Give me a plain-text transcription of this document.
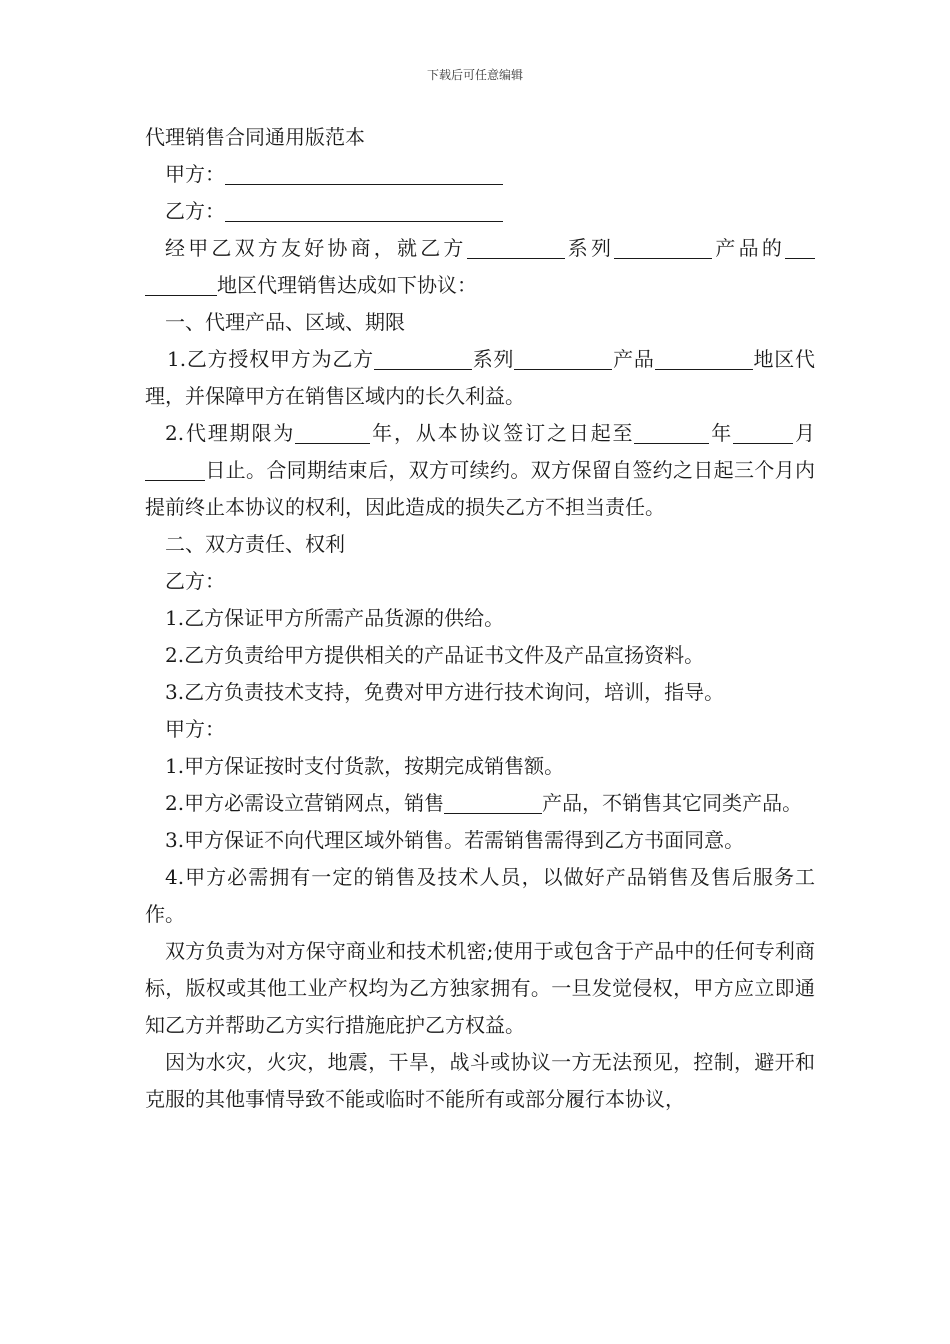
下载后可任意编辑

代理销售合同通用版范本

甲方：

乙方：

经甲乙双方友好协商，就乙方	系列	产品的地区代理销售达成如下协议：

一、代理产品、区域、期限

1.乙方授权甲方为乙方	系列	产品	地区代理，并保障甲方在销售区域内的长久利益。

2.代理期限为	年，从本协议签订之日起至	年	月日止。合同期结束后，双方可续约。双方保留自签约之日起三个月内提前终止本协议的权利，因此造成的损失乙方不担当责任。

二、双方责任、权利

乙方：

1.乙方保证甲方所需产品货源的供给。

2.乙方负责给甲方提供相关的产品证书文件及产品宣扬资料。

3.乙方负责技术支持，免费对甲方进行技术询问，培训，指导。

甲方：

1.甲方保证按时支付货款，按期完成销售额。

2.甲方必需设立营销网点，销售	产品，不销售其它同类产品。

3.甲方保证不向代理区域外销售。若需销售需得到乙方书面同意。

4.甲方必需拥有一定的销售及技术人员，以做好产品销售及售后服务工作。

双方负责为对方保守商业和技术机密;使用于或包含于产品中的任何专利商标，版权或其他工业产权均为乙方独家拥有。一旦发觉侵权，甲方应立即通知乙方并帮助乙方实行措施庇护乙方权益。

因为水灾，火灾，地震，干旱，战斗或协议一方无法预见，控制，避开和克服的其他事情导致不能或临时不能所有或部分履行本协议，
